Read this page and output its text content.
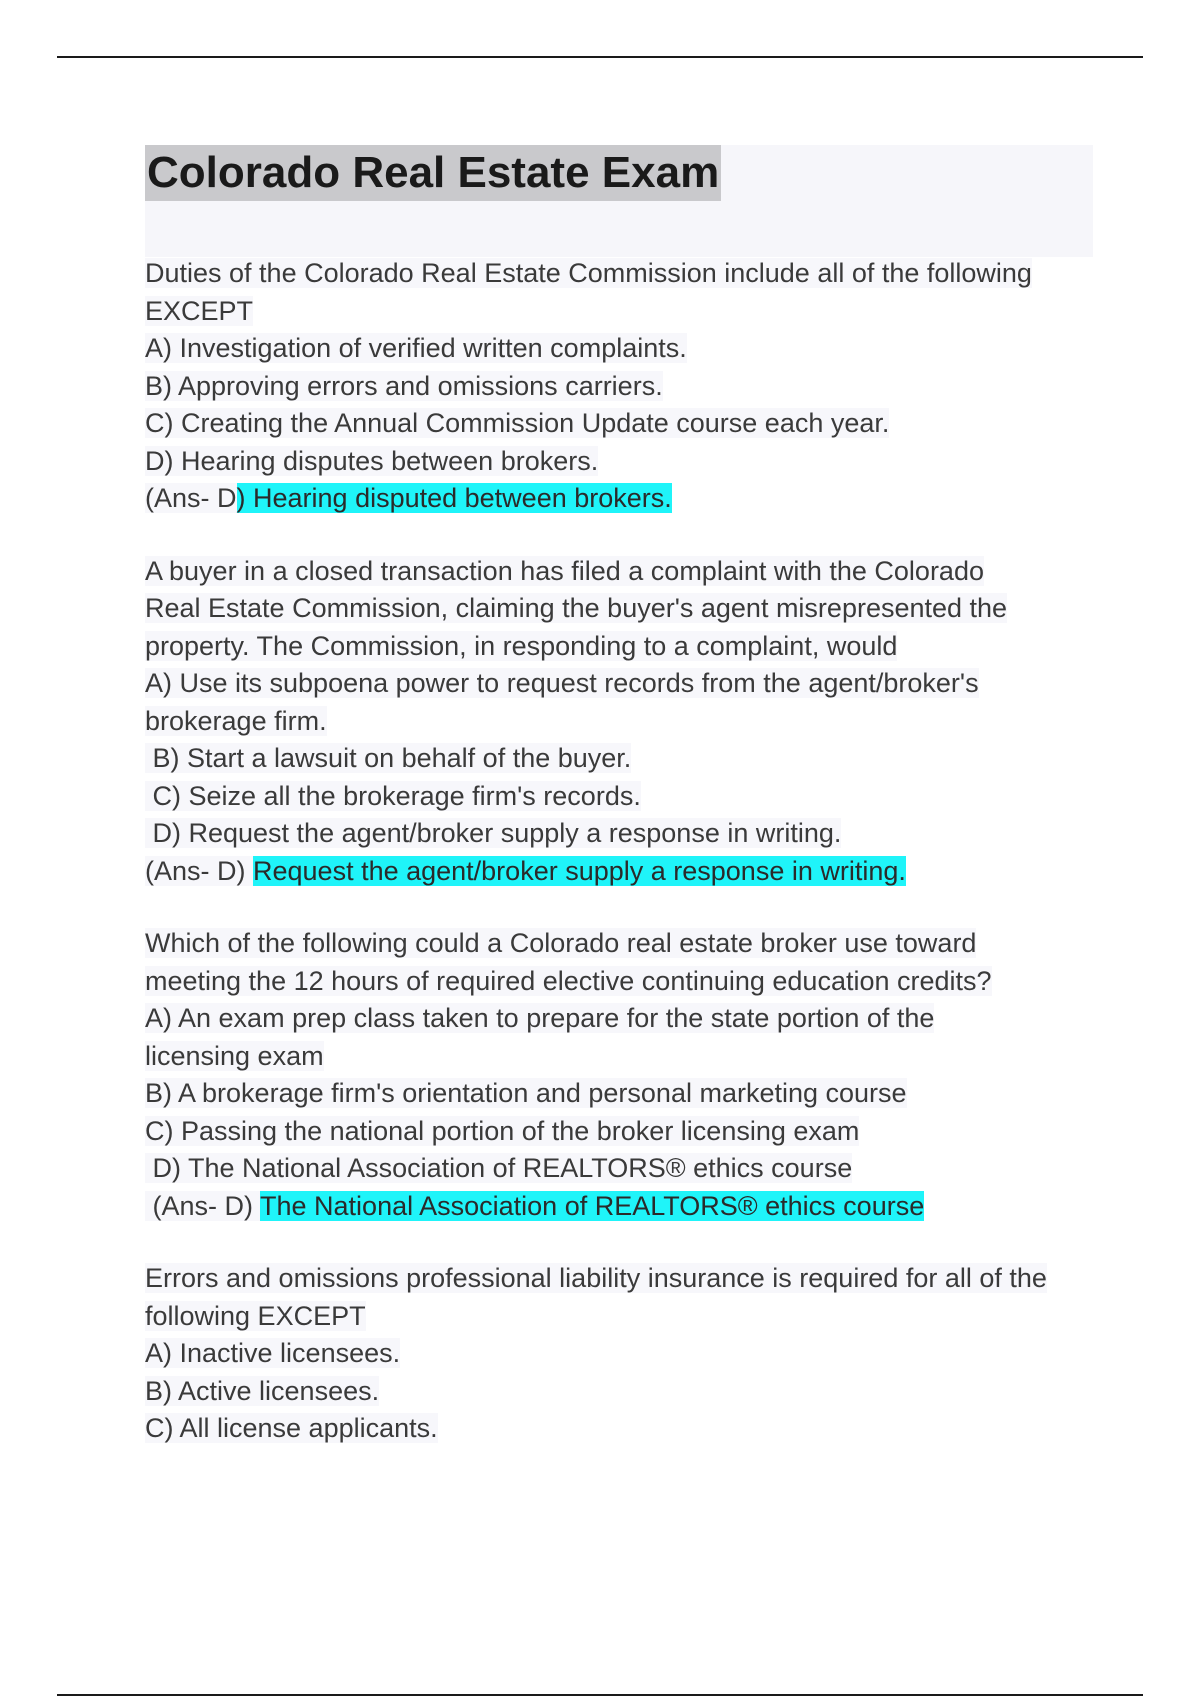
Colorado Real Estate Exam
Duties of the Colorado Real Estate Commission include all of the following
EXCEPT
A) Investigation of verified written complaints.
B) Approving errors and omissions carriers.
C) Creating the Annual Commission Update course each year.
D) Hearing disputes between brokers.
(Ans- D) Hearing disputed between brokers.
A buyer in a closed transaction has filed a complaint with the Colorado
Real Estate Commission, claiming the buyer's agent misrepresented the
property. The Commission, in responding to a complaint, would
A) Use its subpoena power to request records from the agent/broker's
brokerage firm.
B) Start a lawsuit on behalf of the buyer.
C) Seize all the brokerage firm's records.
D) Request the agent/broker supply a response in writing.
(Ans- D) Request the agent/broker supply a response in writing.
Which of the following could a Colorado real estate broker use toward
meeting the 12 hours of required elective continuing education credits?
A) An exam prep class taken to prepare for the state portion of the
licensing exam
B) A brokerage firm's orientation and personal marketing course
C) Passing the national portion of the broker licensing exam
D) The National Association of REALTORS® ethics course
(Ans- D) The National Association of REALTORS® ethics course
Errors and omissions professional liability insurance is required for all of the
following EXCEPT
A) Inactive licensees.
B) Active licensees.
C) All license applicants.
